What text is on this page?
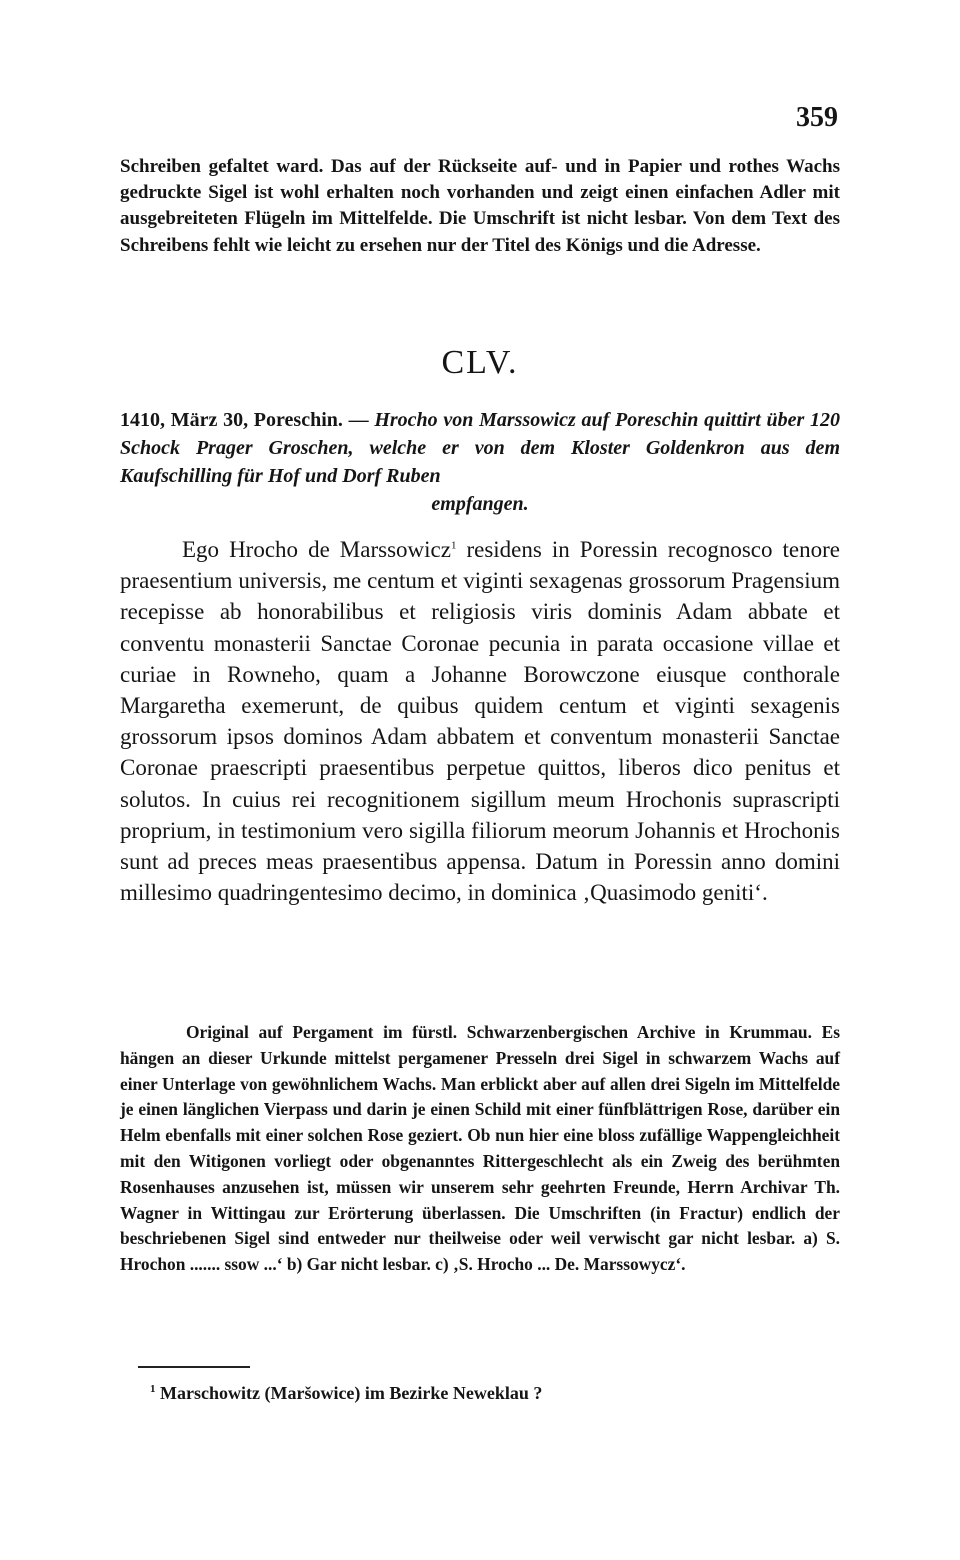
359
Schreiben gefaltet ward. Das auf der Rückseite auf- und in Papier und rothes Wachs gedruckte Sigel ist wohl erhalten noch vorhanden und zeigt einen einfachen Adler mit ausgebreiteten Flügeln im Mittelfelde. Die Umschrift ist nicht lesbar. Von dem Text des Schreibens fehlt wie leicht zu ersehen nur der Titel des Königs und die Adresse.
CLV.
1410, März 30, Poreschin. — Hrocho von Marssowicz auf Poreschin quittirt über 120 Schock Prager Groschen, welche er von dem Kloster Goldenkron aus dem Kaufschilling für Hof und Dorf Ruben
empfangen.
Ego Hrocho de Marssowicz$^1$ residens in Poressin recognosco tenore praesentium universis, me centum et viginti sexagenas grossorum Pragensium recepisse ab honorabilibus et religiosis viris dominis Adam abbate et conventu monasterii Sanctae Coronae pecunia in parata occasione villae et curiae in Rowneho, quam a Johanne Borowczone eiusque conthorale Margaretha exemerunt, de quibus quidem centum et viginti sexagenis grossorum ipsos dominos Adam abbatem et conventum monasterii Sanctae Coronae praescripti praesentibus perpetue quittos, liberos dico penitus et solutos. In cuius rei recognitionem sigillum meum Hrochonis suprascripti proprium, in testimonium vero sigilla filiorum meorum Johannis et Hrochonis sunt ad preces meas praesentibus appensa. Datum in Poressin anno domini millesimo quadringentesimo decimo, in dominica ‚Quasimodo geniti‘.
Original auf Pergament im fürstl. Schwarzenbergischen Archive in Krummau. Es hängen an dieser Urkunde mittelst pergamener Presseln drei Sigel in schwarzem Wachs auf einer Unterlage von gewöhnlichem Wachs. Man erblickt aber auf allen drei Sigeln im Mittelfelde je einen länglichen Vierpass und darin je einen Schild mit einer fünfblättrigen Rose, darüber ein Helm ebenfalls mit einer solchen Rose geziert. Ob nun hier eine bloss zufällige Wappengleichheit mit den Witigonen vorliegt oder obgenanntes Rittergeschlecht als ein Zweig des berühmten Rosenhauses anzusehen ist, müssen wir unserem sehr geehrten Freunde, Herrn Archivar Th. Wagner in Wittingau zur Erörterung überlassen. Die Umschriften (in Fractur) endlich der beschriebenen Sigel sind entweder nur theilweise oder weil verwischt gar nicht lesbar. a) S. Hrochon ....... ssow ...‘ b) Gar nicht lesbar. c) ‚S. Hrocho ... De. Marssowycz‘.
$^1$ Marschowitz (Maršowice) im Bezirke Neweklau ?
